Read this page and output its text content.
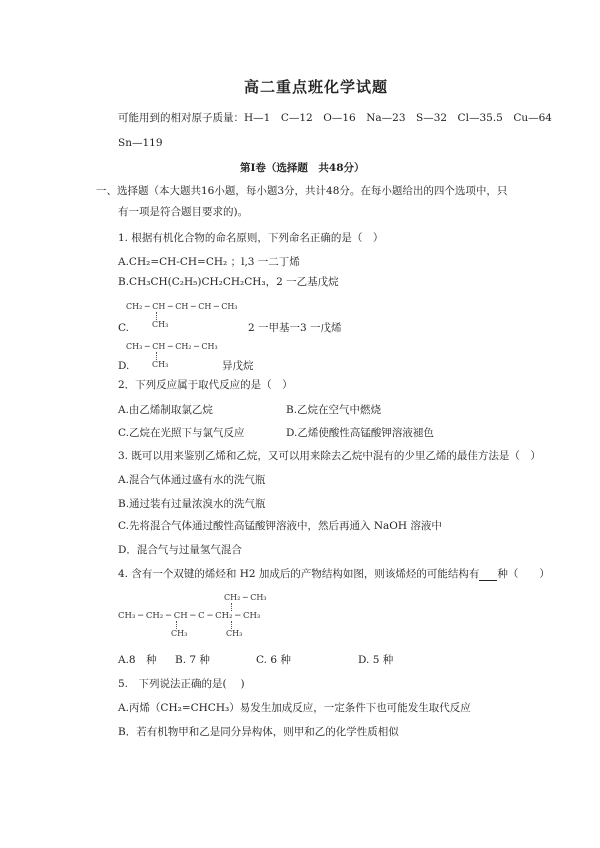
高二重点班化学试题
可能用到的相对原子质量：H—1　C—12　O—16　Na—23　S—32　Cl—35.5　Cu—64
Sn—119
第Ⅰ卷（选择题　共48分）
一、选择题（本大题共16小题，每小题3分，共计48分。在每小题给出的四个选项中，只
有一项是符合题目要求的)。
1. 根据有机化合物的命名原则，下列命名正确的是（　）
A.CH₂=CH-CH=CH₂ ；l,3 一二丁烯
B.CH₃CH(C₂H₅)CH₂CH₂CH₃，2 一乙基戊烷
CH₂ ─ CH ─ CH ─ CH ─ CH₃
CH₃
C.	2 一甲基一3 一戊烯
CH₃ ─ CH ─ CH₂ ─ CH₃
CH₃
D.	异戊烷
2．下列反应属于取代反应的是（　）
A.由乙烯制取氯乙烷	B.乙烷在空气中燃烧
C.乙烷在光照下与氯气反应	D.乙烯使酸性高锰酸钾溶液褪色
3. 既可以用来鉴别乙烯和乙烷，又可以用来除去乙烷中混有的少里乙烯的最佳方法是（　）
A.混合气体通过盛有水的洗气瓶
B.通过装有过量浓溴水的洗气瓶
C.先将混合气体通过酸性高锰酸钾溶液中，然后再通入 NaOH 溶液中
D．混合气与过量氢气混合
4. 含有一个双键的烯烃和 H2 加成后的产物结构如图，则该烯烃的可能结构有 种（　　）
CH₂ ─ CH₃
CH₃ ─ CH₂ ─ CH ─ C ─ CH₂ ─ CH₃
CH₃	CH₃
A.8　种 B. 7 种	C. 6 种	D. 5 种
5.　下列说法正确的是(　 )
A.丙烯（CH₂=CHCH₃）易发生加成反应，一定条件下也可能发生取代反应
B．若有机物甲和乙是同分异构体，则甲和乙的化学性质相似
